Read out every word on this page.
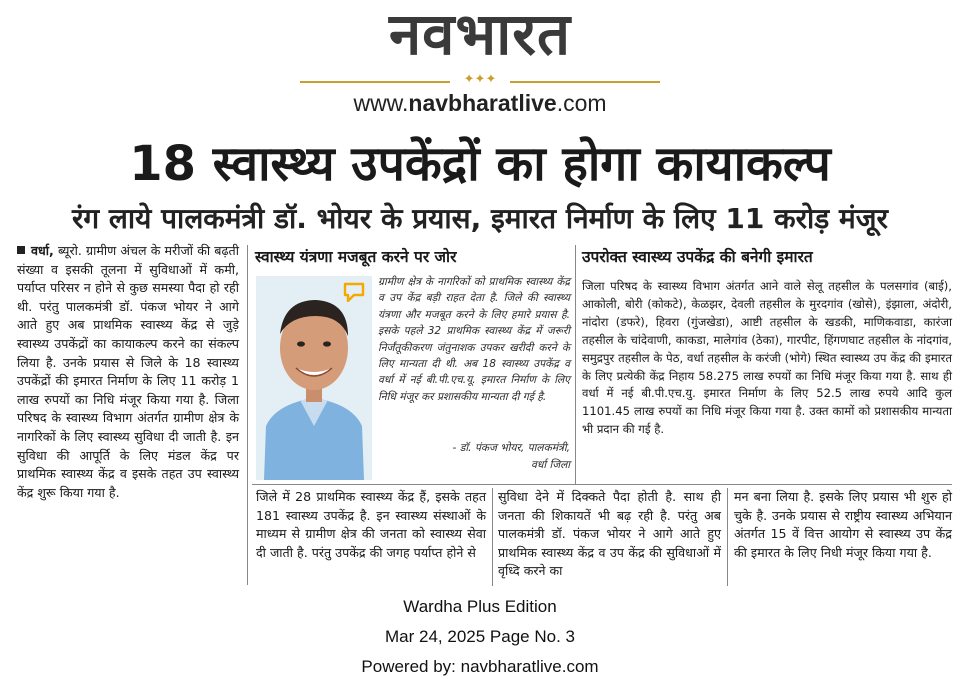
नवभारत
✦✦✦
www.navbharatlive.com
18 स्वास्थ्य उपकेंद्रों का होगा कायाकल्प
रंग लाये पालकमंत्री डॉ. भोयर के प्रयास, इमारत निर्माण के लिए 11 करोड़ मंजूर
वर्धा, ब्यूरो. ग्रामीण अंचल के मरीजों की बढ़ती संख्या व इसकी तूलना में सुविधाओं में कमी, पर्याप्त परिसर न होने से कुछ समस्या पैदा हो रही थी. परंतु पालकमंत्री डॉ. पंकज भोयर ने आगे आते हुए अब प्राथमिक स्वास्थ्य केंद्र से जुड़े स्वास्थ्य उपकेंद्रों का कायाकल्प करने का संकल्प लिया है. उनके प्रयास से जिले के 18 स्वास्थ्य उपकेंद्रों की इमारत निर्माण के लिए 11 करोड़ 1 लाख रुपयों का निधि मंजूर किया गया है. जिला परिषद के स्वास्थ्य विभाग अंतर्गत ग्रामीण क्षेत्र के नागरिकों के लिए स्वास्थ्य सुविधा दी जाती है. इन सुविधा की आपूर्ति के लिए मंडल केंद्र पर प्राथमिक स्वास्थ्य केंद्र व इसके तहत उप स्वास्थ्य केंद्र शुरू किया गया है.
स्वास्थ्य यंत्रणा मजबूत करने पर जोर
ग्रामीण क्षेत्र के नागरिकों को प्राथमिक स्वास्थ्य केंद्र व उप केंद्र बड़ी राहत देता है. जिले की स्वास्थ्य यंत्रणा और मजबूत करने के लिए हमारे प्रयास है. इसके पहले 32 प्राथमिक स्वास्थ्य केंद्र में जरूरी निर्जंतूकीकरण जंतुनाशक उपकर खरीदी करने के लिए मान्यता दी थी. अब 18 स्वास्थ्य उपकेंद्र व वर्धा में नई बी.पी.एच.यू. इमारत निर्माण के लिए निधि मंजूर कर प्रशासकीय मान्यता दी गई है.
- डॉ. पंकज भोयर, पालकमंत्री,
वर्धा जिला
उपरोक्त स्वास्थ्य उपकेंद्र की बनेगी इमारत
जिला परिषद के स्वास्थ्य विभाग अंतर्गत आने वाले सेलू तहसील के पलसगांव (बाई), आकोली, बोरी (कोकटे), केळझर, देवली तहसील के मुरदगांव (खोसे), इंझाला, अंदोरी, नांदोरा (डफरे), हिवरा (गुंजखेडा), आष्टी तहसील के खडकी, माणिकवाडा, कारंजा तहसील के चांदेवाणी, काकडा, मालेगांव (ठेका), गारपीट, हिंगणघाट तहसील के नांदगांव, समुद्रपुर तहसील के पेठ, वर्धा तहसील के करंजी (भोगे) स्थित स्वास्थ्य उप केंद्र की इमारत के लिए प्रत्येकी केंद्र निहाय 58.275 लाख रुपयों का निधि मंजूर किया गया है. साथ ही वर्धा में नई बी.पी.एच.यु. इमारत निर्माण के लिए 52.5 लाख रुपये आदि कुल 1101.45 लाख रुपयों का निधि मंजूर किया गया है. उक्त कामों को प्रशासकीय मान्यता भी प्रदान की गई है.
जिले में 28 प्राथमिक स्वास्थ्य केंद्र हैं, इसके तहत 181 स्वास्थ्य उपकेंद्र है. इन स्वास्थ्य संस्थाओं के माध्यम से ग्रामीण क्षेत्र की जनता को स्वास्थ्य सेवा दी जाती है. परंतु उपकेंद्र की जगह पर्याप्त होने से
सुविधा देने में दिक्कते पैदा होती है. साथ ही जनता की शिकायतें भी बढ़ रही है. परंतु अब पालकमंत्री डॉ. पंकज भोयर ने आगे आते हुए प्राथमिक स्वास्थ्य केंद्र व उप केंद्र की सुविधाओं में वृध्दि करने का
मन बना लिया है. इसके लिए प्रयास भी शुरु हो चुके है. उनके प्रयास से राष्ट्रीय स्वास्थ्य अभियान अंतर्गत 15 वें वित्त आयोग से स्वास्थ्य उप केंद्र की इमारत के लिए निधी मंजूर किया गया है.
Wardha Plus Edition
Mar 24, 2025 Page No. 3
Powered by: navbharatlive.com
